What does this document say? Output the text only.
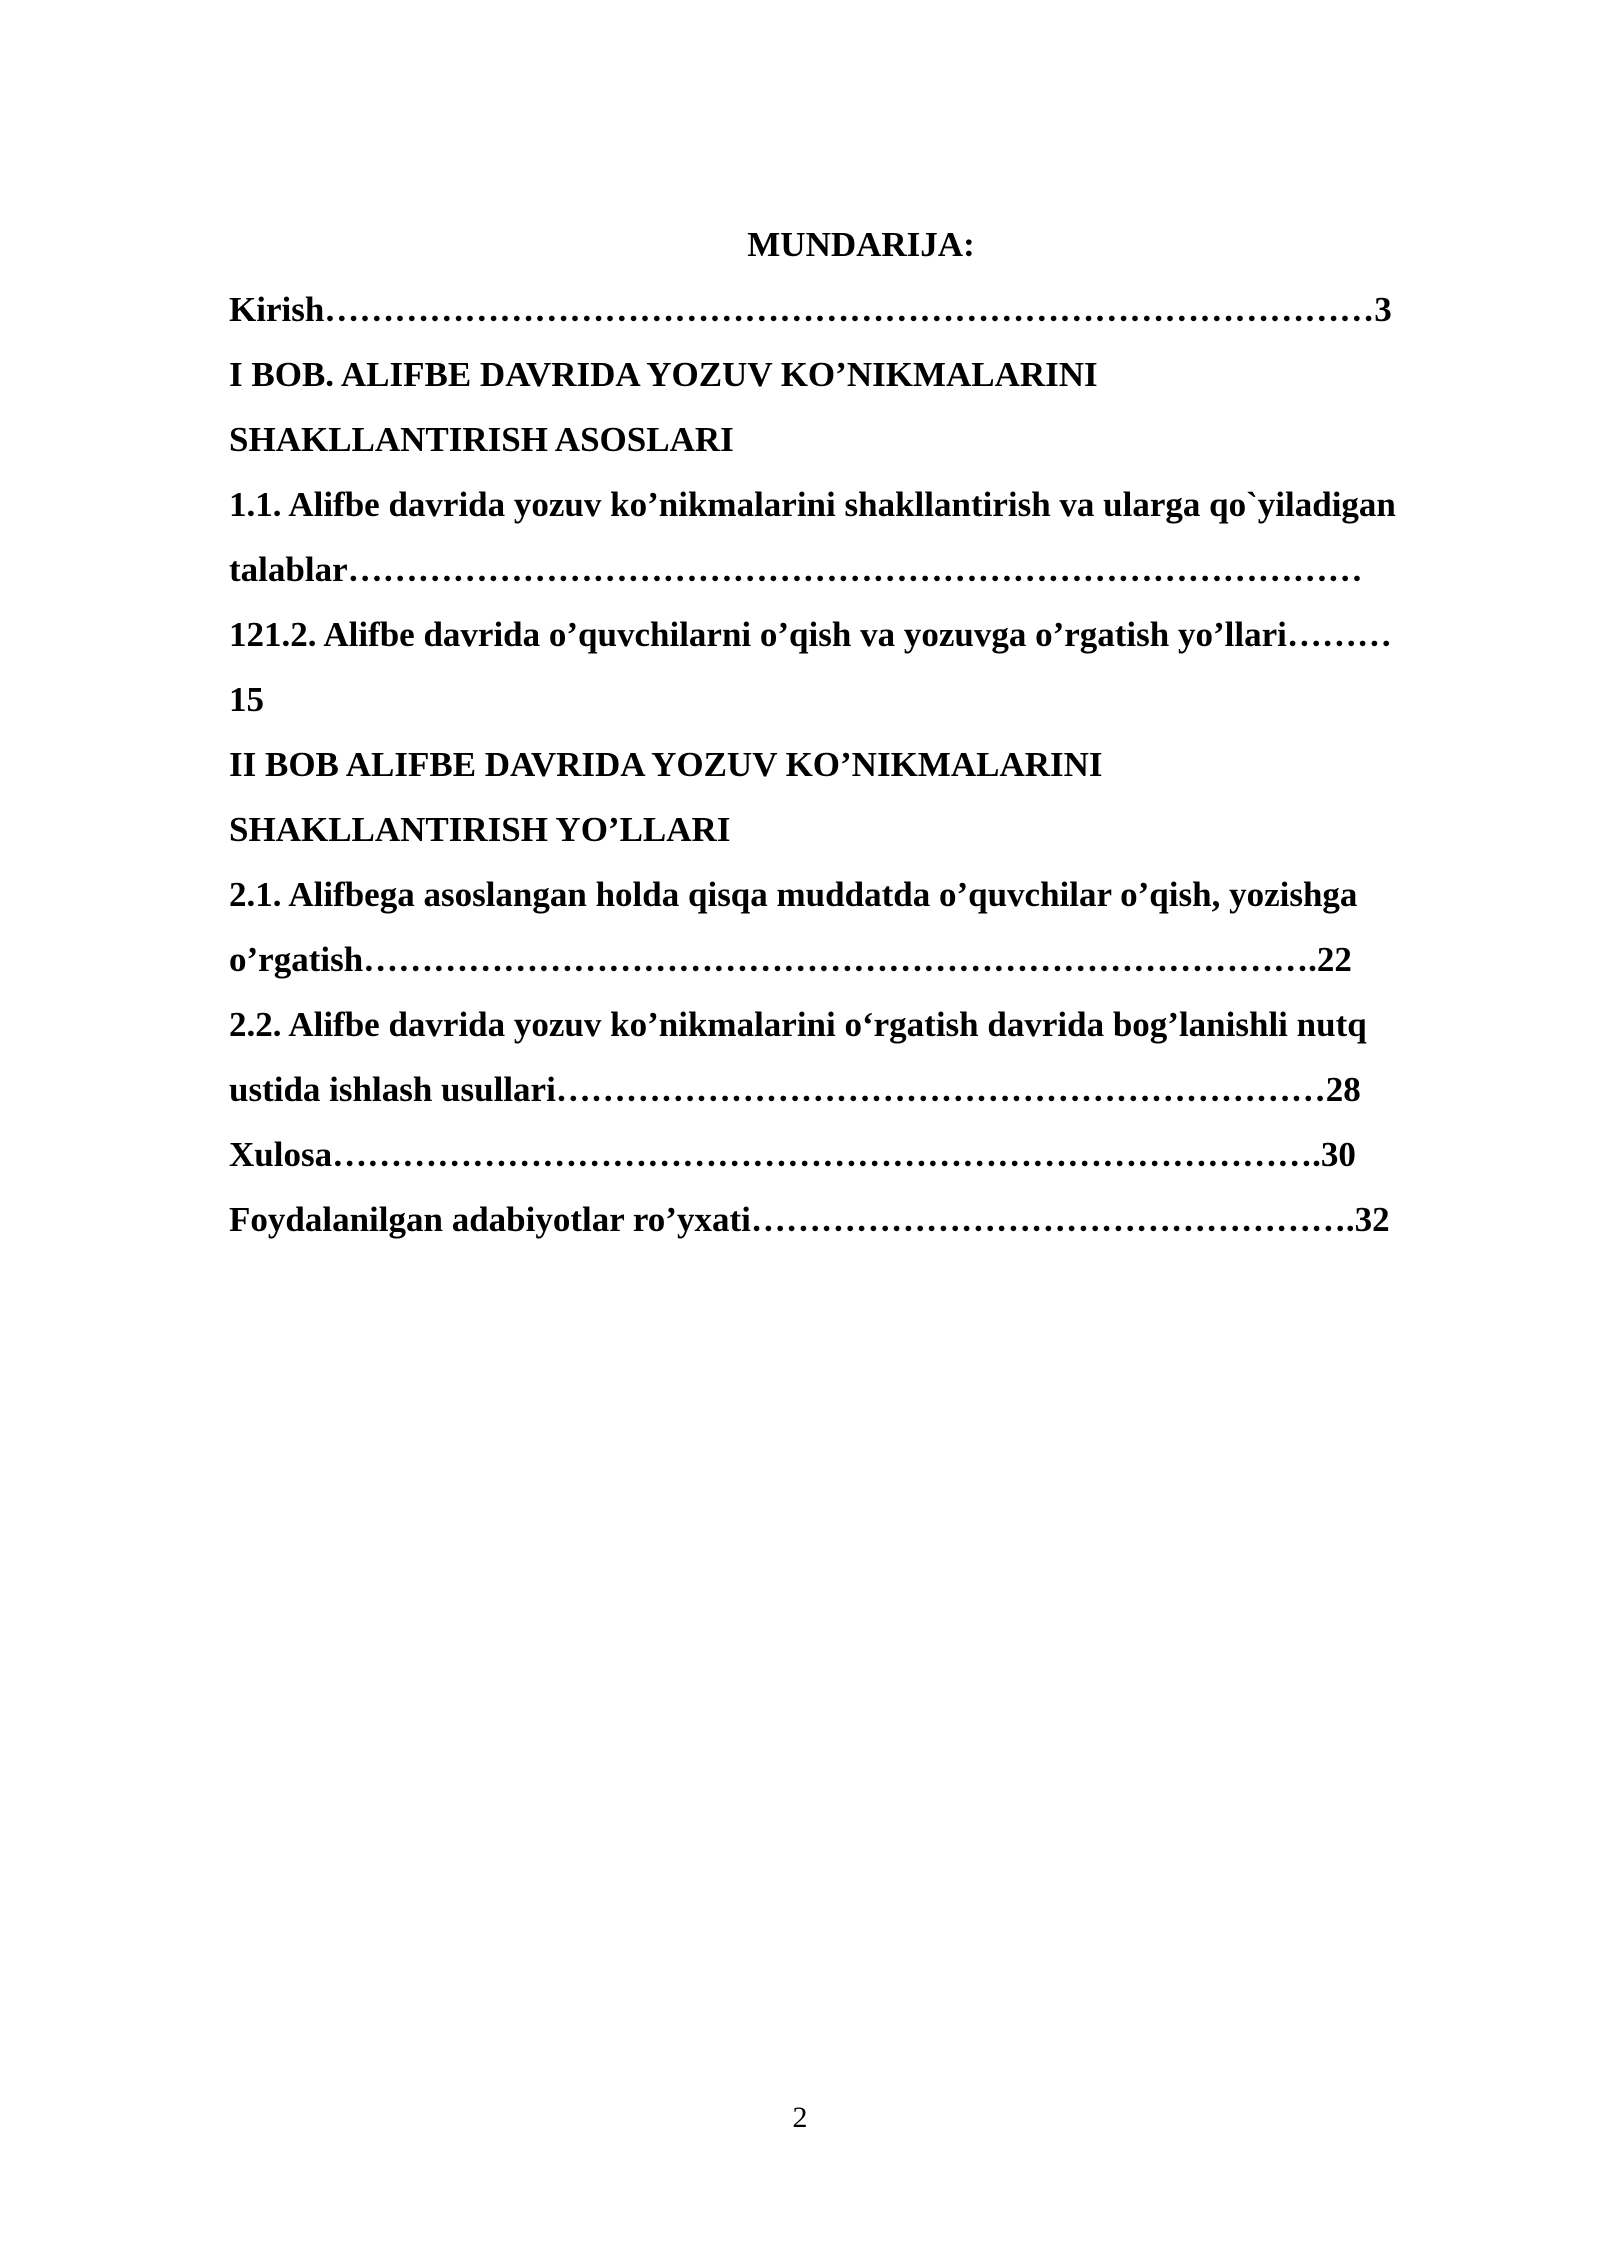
MUNDARIJA:
Kirish………………………………………………………………………………3
I BOB. ALIFBE DAVRIDA YOZUV KO’NIKMALARINI
SHAKLLANTIRISH ASOSLARI
1.1. Alifbe davrida yozuv ko’nikmalarini shakllantirish va ularga qo`yiladigan
talablar……………………………………………………………………………
121.2. Alifbe davrida o’quvchilarni o’qish va yozuvga o’rgatish yo’llari………
15
II BOB ALIFBE DAVRIDA YOZUV KO’NIKMALARINI
SHAKLLANTIRISH YO’LLARI
2.1. Alifbega asoslangan holda qisqa muddatda o’quvchilar o’qish, yozishga
o’rgatish……………………………………………………………………….22
2.2. Alifbe davrida yozuv ko’nikmalarini o‘rgatish davrida bog’lanishli nutq
ustida ishlash usullari…………………………………………………………28
Xulosa………………………………………………………………………….30
Foydalanilgan adabiyotlar ro’yxati…………………………………………….32
2
